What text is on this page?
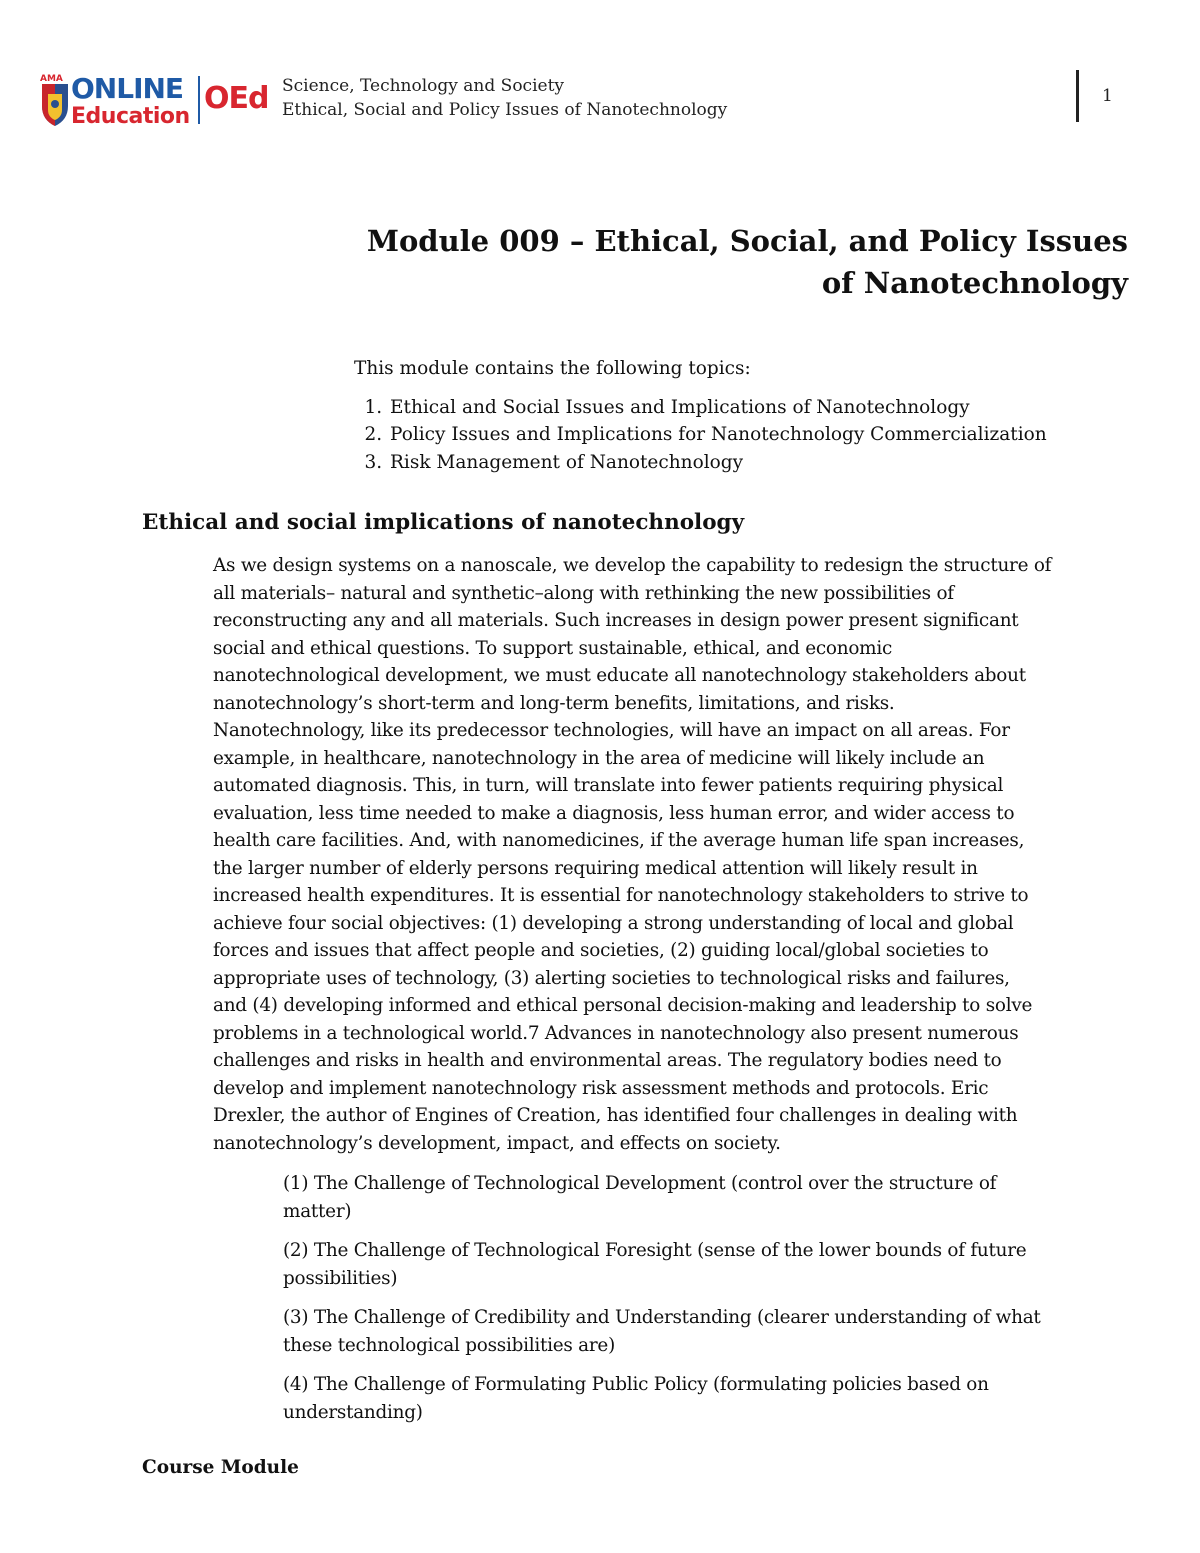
AMA ONLINE
Education
OEd Science, Technology and Society
Ethical, Social and Policy Issues of Nanotechnology
1
Module 009 – Ethical, Social, and Policy Issues
of Nanotechnology
This module contains the following topics:
1. Ethical and Social Issues and Implications of Nanotechnology
2. Policy Issues and Implications for Nanotechnology Commercialization
3. Risk Management of Nanotechnology
Ethical and social implications of nanotechnology
As we design systems on a nanoscale, we develop the capability to redesign the structure of
all materials– natural and synthetic–along with rethinking the new possibilities of
reconstructing any and all materials. Such increases in design power present significant
social and ethical questions. To support sustainable, ethical, and economic
nanotechnological development, we must educate all nanotechnology stakeholders about
nanotechnology’s short-term and long-term benefits, limitations, and risks.
Nanotechnology, like its predecessor technologies, will have an impact on all areas. For
example, in healthcare, nanotechnology in the area of medicine will likely include an
automated diagnosis. This, in turn, will translate into fewer patients requiring physical
evaluation, less time needed to make a diagnosis, less human error, and wider access to
health care facilities. And, with nanomedicines, if the average human life span increases,
the larger number of elderly persons requiring medical attention will likely result in
increased health expenditures. It is essential for nanotechnology stakeholders to strive to
achieve four social objectives: (1) developing a strong understanding of local and global
forces and issues that affect people and societies, (2) guiding local/global societies to
appropriate uses of technology, (3) alerting societies to technological risks and failures,
and (4) developing informed and ethical personal decision-making and leadership to solve
problems in a technological world.7 Advances in nanotechnology also present numerous
challenges and risks in health and environmental areas. The regulatory bodies need to
develop and implement nanotechnology risk assessment methods and protocols. Eric
Drexler, the author of Engines of Creation, has identified four challenges in dealing with
nanotechnology’s development, impact, and effects on society.
(1) The Challenge of Technological Development (control over the structure of
matter)
(2) The Challenge of Technological Foresight (sense of the lower bounds of future
possibilities)
(3) The Challenge of Credibility and Understanding (clearer understanding of what
these technological possibilities are)
(4) The Challenge of Formulating Public Policy (formulating policies based on
understanding)
Course Module
